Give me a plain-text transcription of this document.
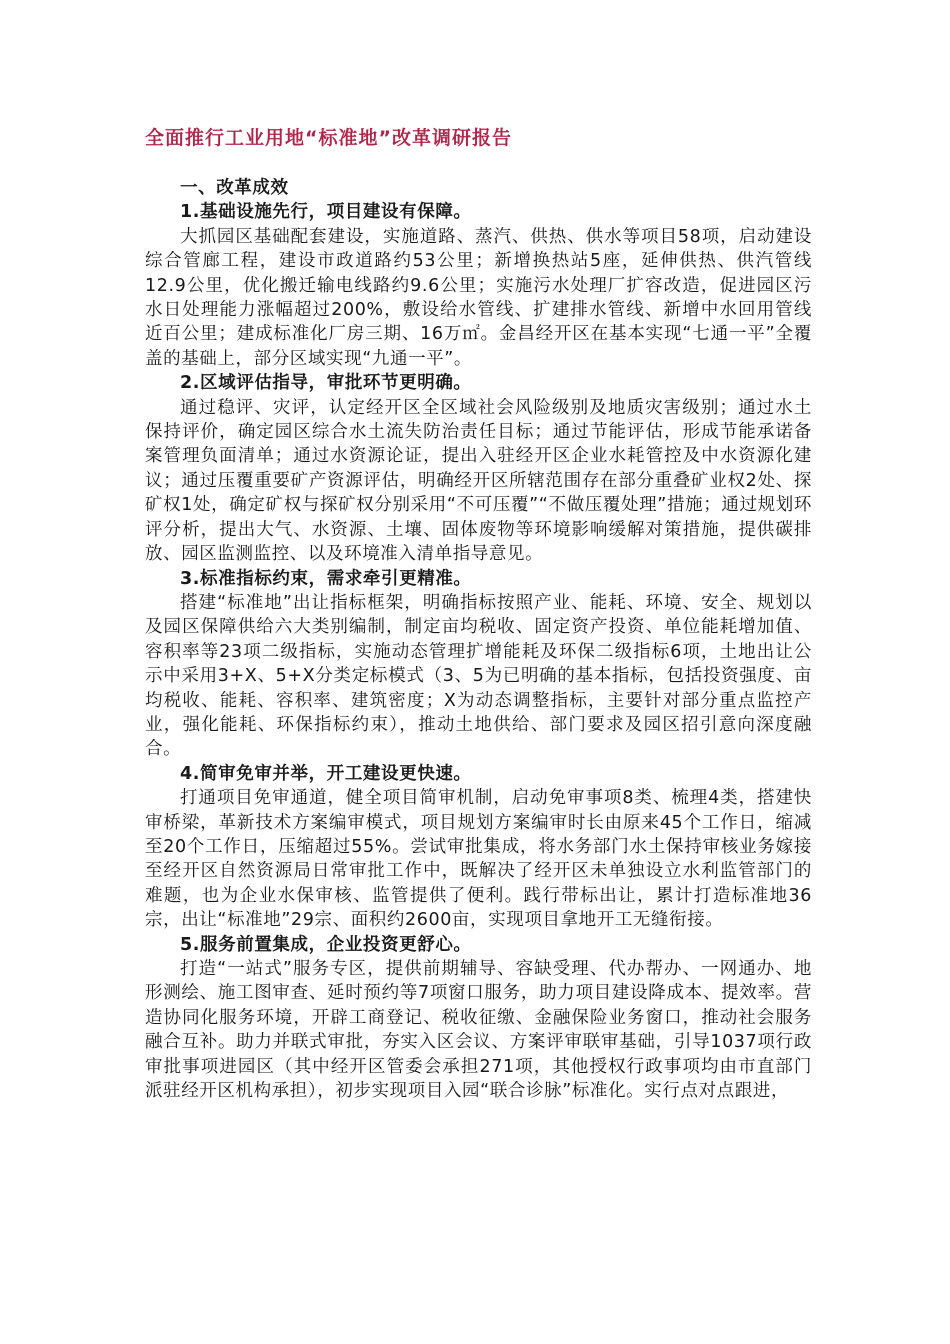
全面推行工业用地“标准地”改革调研报告

一、改革成效

1.基础设施先行，项目建设有保障。

大抓园区基础配套建设，实施道路、蒸汽、供热、供水等项目58项，启动建设综合管廊工程，建设市政道路约53公里；新增换热站5座，延伸供热、供汽管线12.9公里，优化搬迁输电线路约9.6公里；实施污水处理厂扩容改造，促进园区污水日处理能力涨幅超过200%，敷设给水管线、扩建排水管线、新增中水回用管线近百公里；建成标准化厂房三期、16万㎡。金昌经开区在基本实现“七通一平”全覆盖的基础上，部分区域实现“九通一平”。

2.区域评估指导，审批环节更明确。

通过稳评、灾评，认定经开区全区域社会风险级别及地质灾害级别；通过水土保持评价，确定园区综合水土流失防治责任目标；通过节能评估，形成节能承诺备案管理负面清单；通过水资源论证，提出入驻经开区企业水耗管控及中水资源化建议；通过压覆重要矿产资源评估，明确经开区所辖范围存在部分重叠矿业权2处、探矿权1处，确定矿权与探矿权分别采用“不可压覆”“不做压覆处理”措施；通过规划环评分析，提出大气、水资源、土壤、固体废物等环境影响缓解对策措施，提供碳排放、园区监测监控、以及环境准入清单指导意见。

3.标准指标约束，需求牵引更精准。

搭建“标准地”出让指标框架，明确指标按照产业、能耗、环境、安全、规划以及园区保障供给六大类别编制，制定亩均税收、固定资产投资、单位能耗增加值、容积率等23项二级指标，实施动态管理扩增能耗及环保二级指标6项，土地出让公示中采用3+X、5+X分类定标模式（3、5为已明确的基本指标，包括投资强度、亩均税收、能耗、容积率、建筑密度；X为动态调整指标，主要针对部分重点监控产业，强化能耗、环保指标约束），推动土地供给、部门要求及园区招引意向深度融合。

4.简审免审并举，开工建设更快速。

打通项目免审通道，健全项目简审机制，启动免审事项8类、梳理4类，搭建快审桥梁，革新技术方案编审模式，项目规划方案编审时长由原来45个工作日，缩减至20个工作日，压缩超过55%。尝试审批集成，将水务部门水土保持审核业务嫁接至经开区自然资源局日常审批工作中，既解决了经开区未单独设立水利监管部门的难题，也为企业水保审核、监管提供了便利。践行带标出让，累计打造标准地36宗，出让“标准地”29宗、面积约2600亩，实现项目拿地开工无缝衔接。

5.服务前置集成，企业投资更舒心。

打造“一站式”服务专区，提供前期辅导、容缺受理、代办帮办、一网通办、地形测绘、施工图审查、延时预约等7项窗口服务，助力项目建设降成本、提效率。营造协同化服务环境，开辟工商登记、税收征缴、金融保险业务窗口，推动社会服务融合互补。助力并联式审批，夯实入区会议、方案评审联审基础，引导1037项行政审批事项进园区（其中经开区管委会承担271项，其他授权行政事项均由市直部门派驻经开区机构承担），初步实现项目入园“联合诊脉”标准化。实行点对点跟进，
